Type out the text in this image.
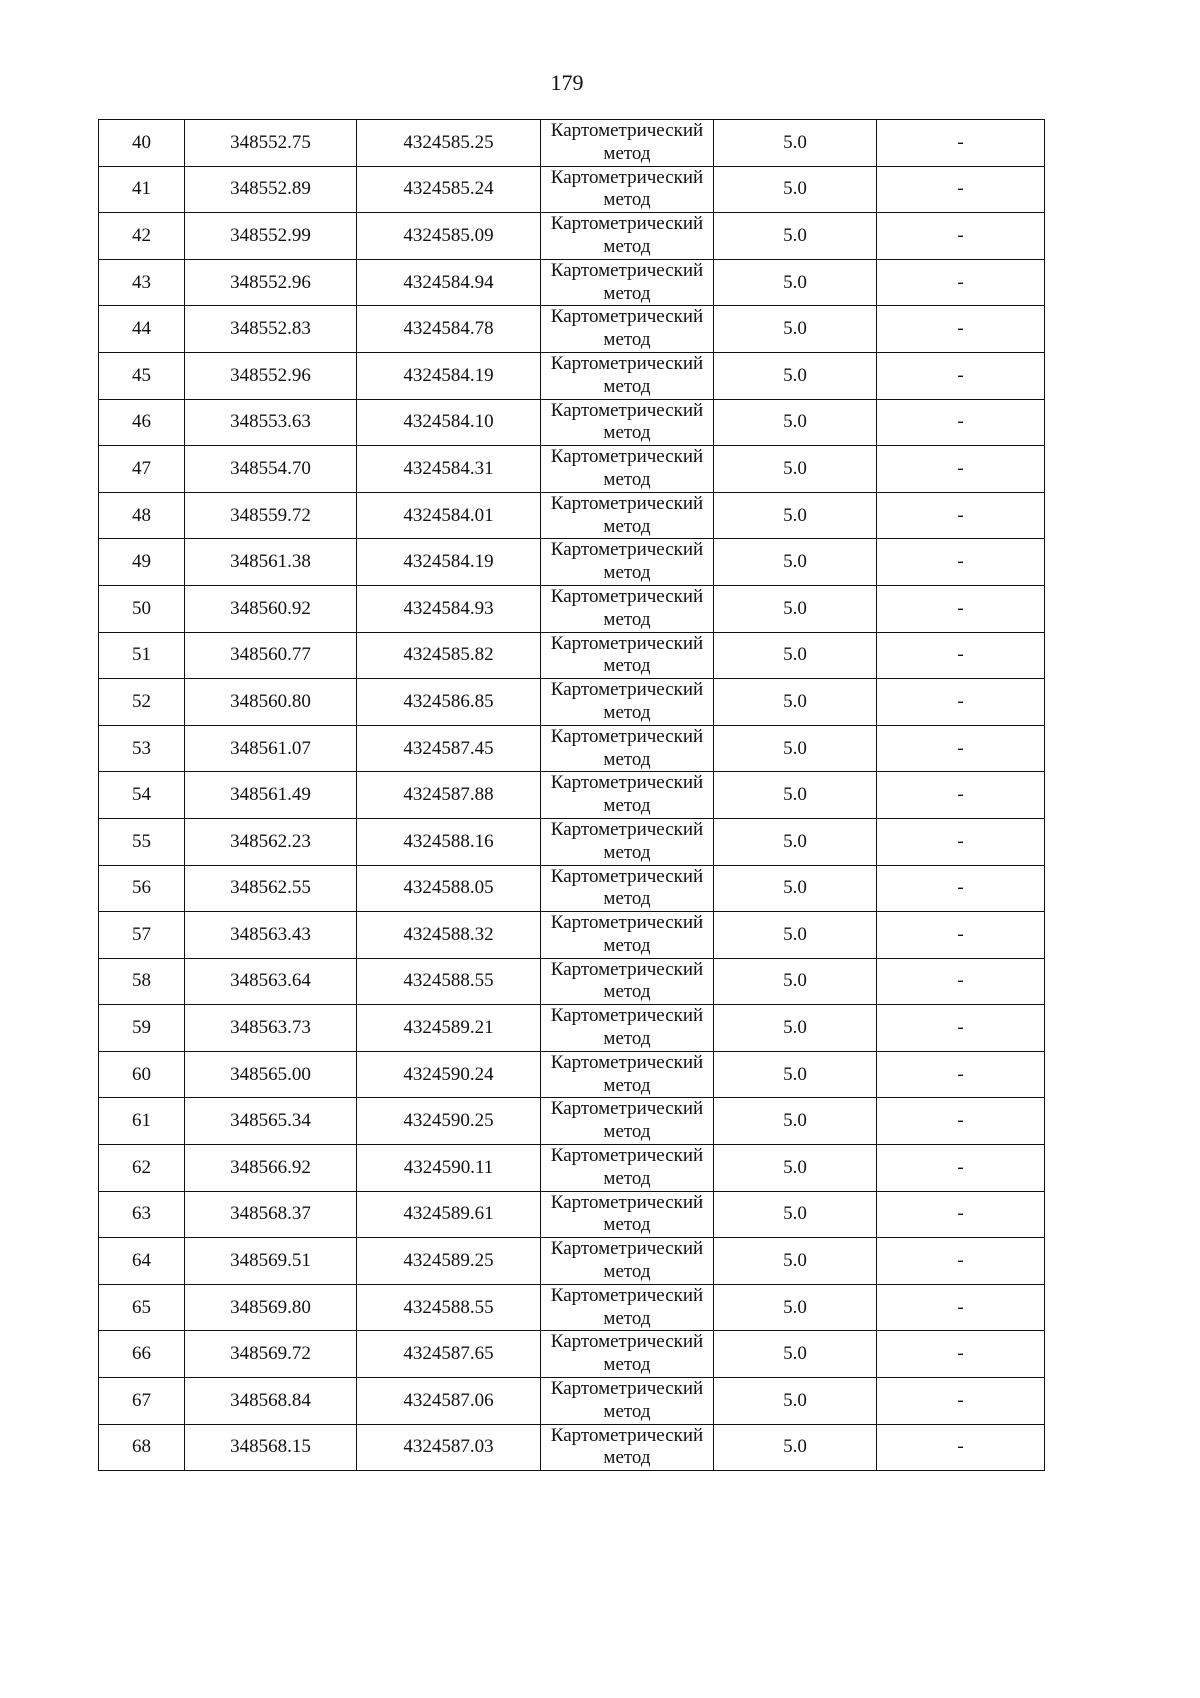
179
40	348552.75	4324585.25	Картометрический
метод	5.0	-
41	348552.89	4324585.24	Картометрический
метод	5.0	-
42	348552.99	4324585.09	Картометрический
метод	5.0	-
43	348552.96	4324584.94	Картометрический
метод	5.0	-
44	348552.83	4324584.78	Картометрический
метод	5.0	-
45	348552.96	4324584.19	Картометрический
метод	5.0	-
46	348553.63	4324584.10	Картометрический
метод	5.0	-
47	348554.70	4324584.31	Картометрический
метод	5.0	-
48	348559.72	4324584.01	Картометрический
метод	5.0	-
49	348561.38	4324584.19	Картометрический
метод	5.0	-
50	348560.92	4324584.93	Картометрический
метод	5.0	-
51	348560.77	4324585.82	Картометрический
метод	5.0	-
52	348560.80	4324586.85	Картометрический
метод	5.0	-
53	348561.07	4324587.45	Картометрический
метод	5.0	-
54	348561.49	4324587.88	Картометрический
метод	5.0	-
55	348562.23	4324588.16	Картометрический
метод	5.0	-
56	348562.55	4324588.05	Картометрический
метод	5.0	-
57	348563.43	4324588.32	Картометрический
метод	5.0	-
58	348563.64	4324588.55	Картометрический
метод	5.0	-
59	348563.73	4324589.21	Картометрический
метод	5.0	-
60	348565.00	4324590.24	Картометрический
метод	5.0	-
61	348565.34	4324590.25	Картометрический
метод	5.0	-
62	348566.92	4324590.11	Картометрический
метод	5.0	-
63	348568.37	4324589.61	Картометрический
метод	5.0	-
64	348569.51	4324589.25	Картометрический
метод	5.0	-
65	348569.80	4324588.55	Картометрический
метод	5.0	-
66	348569.72	4324587.65	Картометрический
метод	5.0	-
67	348568.84	4324587.06	Картометрический
метод	5.0	-
68	348568.15	4324587.03	Картометрический
метод	5.0	-
